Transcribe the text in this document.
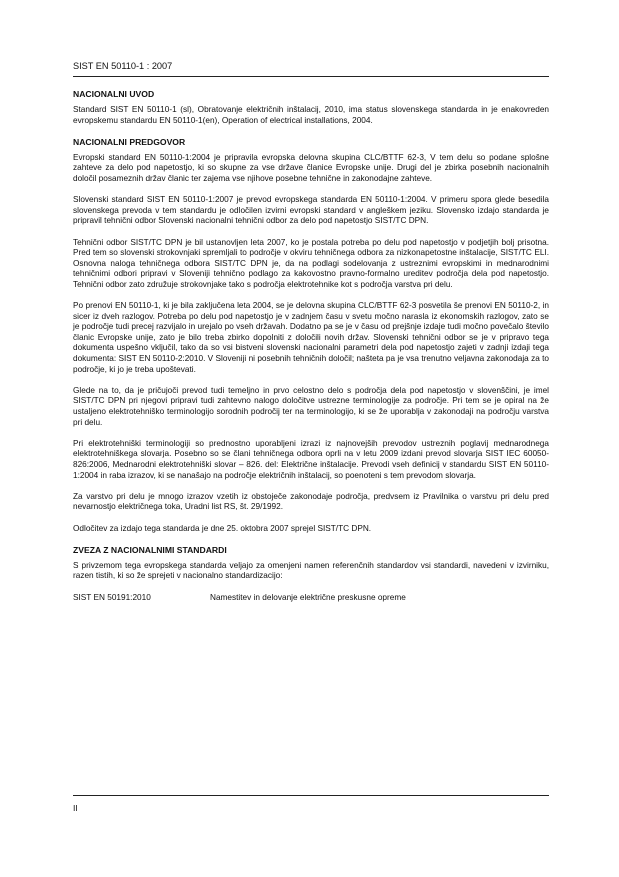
SIST EN 50110-1 : 2007
NACIONALNI UVOD

Standard SIST EN 50110-1 (sl), Obratovanje električnih inštalacij, 2010, ima status slovenskega standarda in je enakovreden evropskemu standardu EN 50110-1(en), Operation of electrical installations, 2004.

NACIONALNI PREDGOVOR

Evropski standard EN 50110-1:2004 je pripravila evropska delovna skupina CLC/BTTF 62-3, V tem delu so podane splošne zahteve za delo pod napetostjo, ki so skupne za vse države članice Evropske unije. Drugi del je zbirka posebnih nacionalnih določil posameznih držav članic ter zajema vse njihove posebne tehnične in zakonodajne zahteve.

Slovenski standard SIST EN 50110-1:2007 je prevod evropskega standarda EN 50110-1:2004. V primeru spora glede besedila slovenskega prevoda v tem standardu je odločilen izvirni evropski standard v angleškem jeziku. Slovensko izdajo standarda je pripravil tehnični odbor Slovenski nacionalni tehnični odbor za delo pod napetostjo SIST/TC DPN.

Tehnični odbor SIST/TC DPN je bil ustanovljen leta 2007, ko je postala potreba po delu pod napetostjo v podjetjih bolj prisotna. Pred tem so slovenski strokovnjaki spremljali to področje v okviru tehničnega odbora za nizkonapetostne inštalacije, SIST/TC ELI. Osnovna naloga tehničnega odbora SIST/TC DPN je, da na podlagi sodelovanja z ustreznimi evropskimi in mednarodnimi tehničnimi odbori pripravi v Sloveniji tehnično podlago za kakovostno pravno-formalno ureditev področja dela pod napetostjo. Tehnični odbor zato združuje strokovnjake tako s področja elektrotehnike kot s področja varstva pri delu.

Po prenovi EN 50110-1, ki je bila zaključena leta 2004, se je delovna skupina CLC/BTTF 62-3 posvetila še prenovi EN 50110-2, in sicer iz dveh razlogov. Potreba po delu pod napetostjo je v zadnjem času v svetu močno narasla iz ekonomskih razlogov, zato se je področje tudi precej razvijalo in urejalo po vseh državah. Dodatno pa se je v času od prejšnje izdaje tudi močno povečalo število članic Evropske unije, zato je bilo treba zbirko dopolniti z določili novih držav. Slovenski tehnični odbor se je v pripravo tega dokumenta uspešno vključil, tako da so vsi bistveni slovenski nacionalni parametri dela pod napetostjo zajeti v zadnji izdaji tega dokumenta: SIST EN 50110-2:2010. V Sloveniji ni posebnih tehničnih določil; našteta pa je vsa trenutno veljavna zakonodaja za to področje, ki jo je treba upoštevati.

Glede na to, da je pričujoči prevod tudi temeljno in prvo celostno delo s področja dela pod napetostjo v slovenščini, je imel SIST/TC DPN pri njegovi pripravi tudi zahtevno nalogo določitve ustrezne terminologije za področje. Pri tem se je opiral na že ustaljeno elektrotehniško terminologijo sorodnih področij ter na terminologijo, ki se že uporablja v zakonodaji na področju varstva pri delu.

Pri elektrotehniški terminologiji so prednostno uporabljeni izrazi iz najnovejših prevodov ustreznih poglavij mednarodnega elektrotehniškega slovarja. Posebno so se člani tehničnega odbora oprli na v letu 2009 izdani prevod slovarja SIST IEC 60050-826:2006, Mednarodni elektrotehniški slovar – 826. del: Električne inštalacije. Prevodi vseh definicij v standardu SIST EN 50110-1:2004 in raba izrazov, ki se nanašajo na področje električnih inštalacij, so poenoteni s tem prevodom slovarja.

Za varstvo pri delu je mnogo izrazov vzetih iz obstoječe zakonodaje področja, predvsem iz Pravilnika o varstvu pri delu pred nevarnostjo električnega toka, Uradni list RS, št. 29/1992.

Odločitev za izdajo tega standarda je dne 25. oktobra 2007 sprejel SIST/TC DPN.

ZVEZA Z NACIONALNIMI STANDARDI

S privzemom tega evropskega standarda veljajo za omenjeni namen referenčnih standardov vsi standardi, navedeni v izvirniku, razen tistih, ki so že sprejeti v nacionalno standardizacijo:

SIST EN 50191:2010	Namestitev in delovanje električne preskusne opreme
II
